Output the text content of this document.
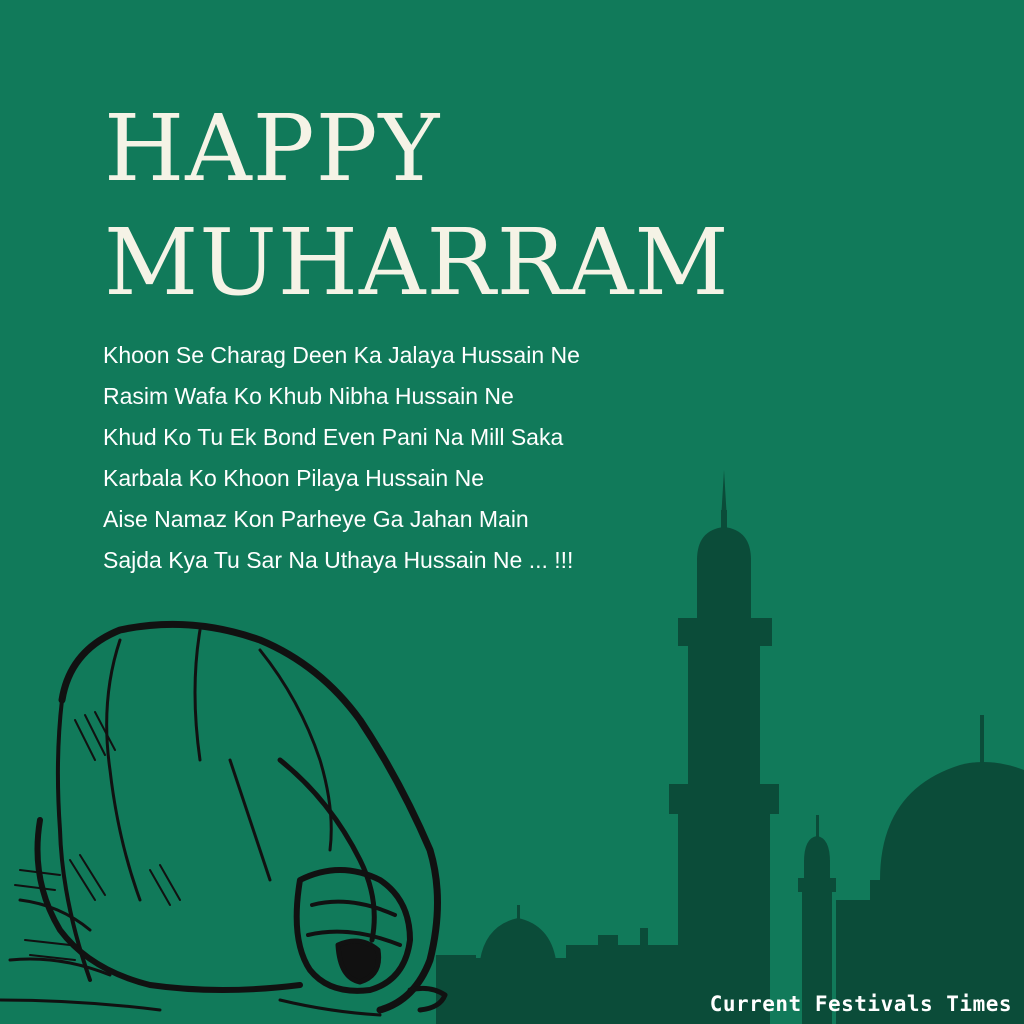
HAPPY
MUHARRAM
Khoon Se Charag Deen Ka Jalaya Hussain Ne
Rasim Wafa Ko Khub Nibha Hussain Ne
Khud Ko Tu Ek Bond Even Pani Na Mill Saka
Karbala Ko Khoon Pilaya Hussain Ne
Aise Namaz Kon Parheye Ga Jahan Main
Sajda Kya Tu Sar Na Uthaya Hussain Ne ... !!!
Current Festivals Times
